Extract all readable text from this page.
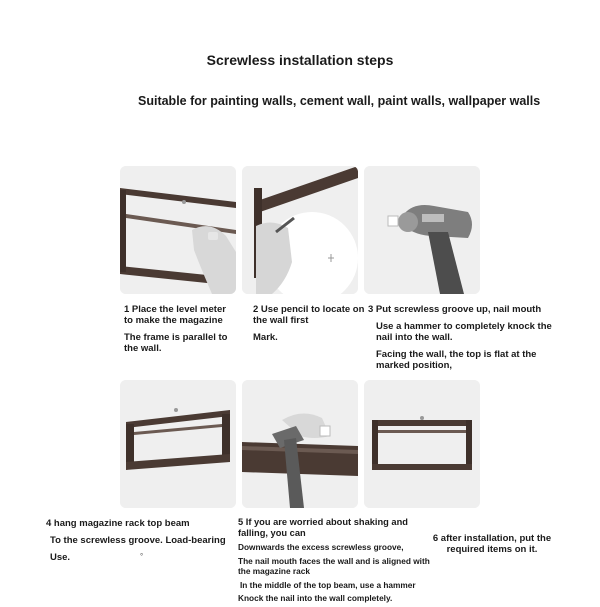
Screwless installation steps
Suitable for painting walls, cement wall, paint walls, wallpaper walls

1 Place the level meter to make the magazine

The frame is parallel to the wall.

2 Use pencil to locate on the wall first

Mark.

3 Put screwless groove up, nail mouth

Use a hammer to completely knock the nail into the wall.

Facing the wall, the top is flat at the marked position,

4 hang magazine rack top beam

To the screwless groove. Load-bearing

Use.	°

5 If you are worried about shaking and falling, you can

Downwards the excess screwless groove,

The nail mouth faces the wall and is aligned with the magazine rack

In the middle of the top beam, use a hammer

Knock the nail into the wall completely.

6 after installation, put the required items on it.
